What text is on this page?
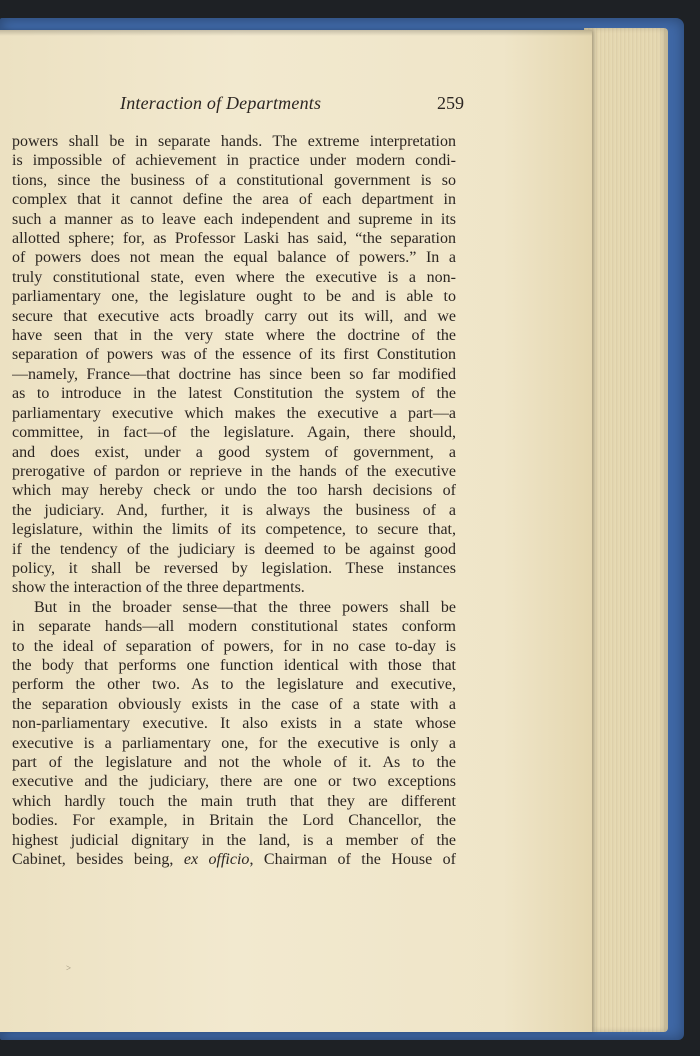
Interaction of Departments	259
powers shall be in separate hands. The extreme interpretation
is impossible of achievement in practice under modern condi-
tions, since the business of a constitutional government is so
complex that it cannot define the area of each department in
such a manner as to leave each independent and supreme in its
allotted sphere; for, as Professor Laski has said, “the separation
of powers does not mean the equal balance of powers.” In a
truly constitutional state, even where the executive is a non-
parliamentary one, the legislature ought to be and is able to
secure that executive acts broadly carry out its will, and we
have seen that in the very state where the doctrine of the
separation of powers was of the essence of its first Constitution
—namely, France—that doctrine has since been so far modified
as to introduce in the latest Constitution the system of the
parliamentary executive which makes the executive a part—a
committee, in fact—of the legislature. Again, there should,
and does exist, under a good system of government, a
prerogative of pardon or reprieve in the hands of the executive
which may hereby check or undo the too harsh decisions of
the judiciary. And, further, it is always the business of a
legislature, within the limits of its competence, to secure that,
if the tendency of the judiciary is deemed to be against good
policy, it shall be reversed by legislation. These instances
show the interaction of the three departments.
But in the broader sense—that the three powers shall be
in separate hands—all modern constitutional states conform
to the ideal of separation of powers, for in no case to-day is
the body that performs one function identical with those that
perform the other two. As to the legislature and executive,
the separation obviously exists in the case of a state with a
non-parliamentary executive. It also exists in a state whose
executive is a parliamentary one, for the executive is only a
part of the legislature and not the whole of it. As to the
executive and the judiciary, there are one or two exceptions
which hardly touch the main truth that they are different
bodies. For example, in Britain the Lord Chancellor, the
highest judicial dignitary in the land, is a member of the
Cabinet, besides being, ex officio, Chairman of the House of
>
